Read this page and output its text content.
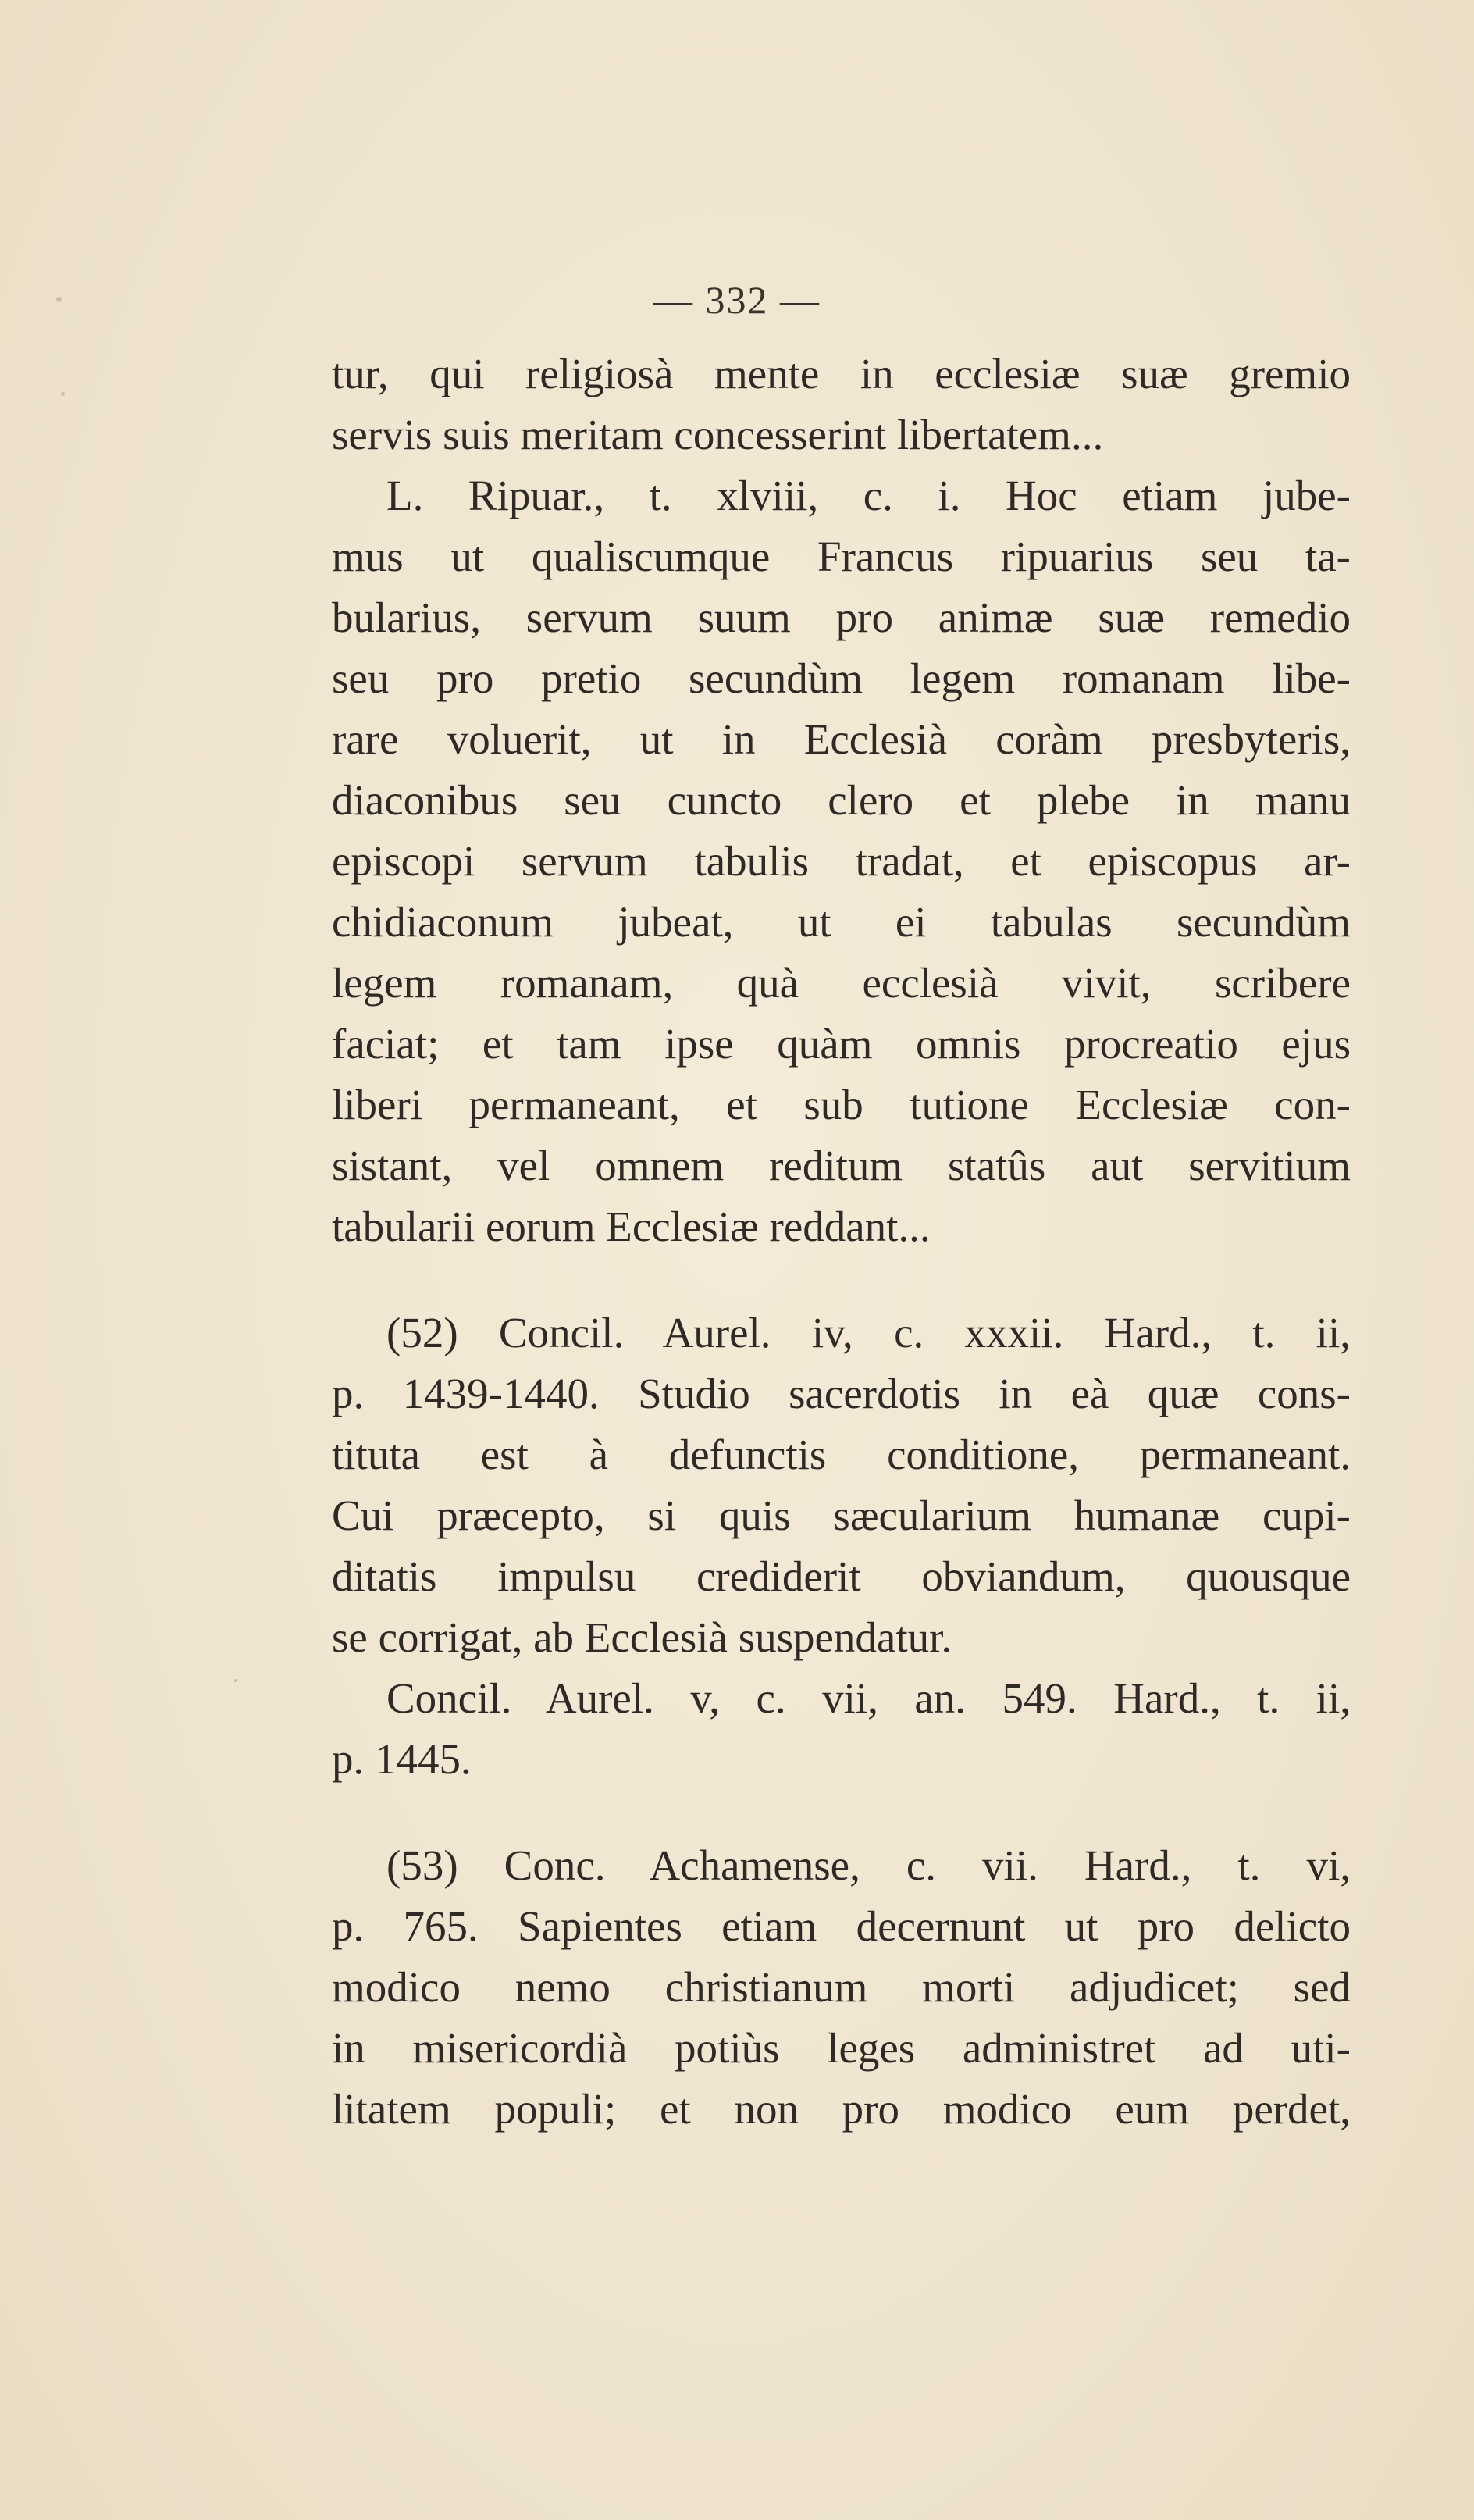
— 332 —
tur, qui religiosà mente in ecclesiæ suæ gremio
servis suis meritam concesserint libertatem...
L. Ripuar., t. xlviii, c. i. Hoc etiam jube-
mus ut qualiscumque Francus ripuarius seu ta-
bularius, servum suum pro animæ suæ remedio
seu pro pretio secundùm legem romanam libe-
rare voluerit, ut in Ecclesià coràm presbyteris,
diaconibus seu cuncto clero et plebe in manu
episcopi servum tabulis tradat, et episcopus ar-
chidiaconum jubeat, ut ei tabulas secundùm
legem romanam, quà ecclesià vivit, scribere
faciat; et tam ipse quàm omnis procreatio ejus
liberi permaneant, et sub tutione Ecclesiæ con-
sistant, vel omnem reditum statûs aut servitium
tabularii eorum Ecclesiæ reddant...
(52) Concil. Aurel. iv, c. xxxii. Hard., t. ii,
p. 1439-1440. Studio sacerdotis in eà quæ cons-
tituta est à defunctis conditione, permaneant.
Cui præcepto, si quis sæcularium humanæ cupi-
ditatis impulsu crediderit obviandum, quousque
se corrigat, ab Ecclesià suspendatur.
Concil. Aurel. v, c. vii, an. 549. Hard., t. ii,
p. 1445.
(53) Conc. Achamense, c. vii. Hard., t. vi,
p. 765. Sapientes etiam decernunt ut pro delicto
modico nemo christianum morti adjudicet; sed
in misericordià potiùs leges administret ad uti-
litatem populi; et non pro modico eum perdet,
